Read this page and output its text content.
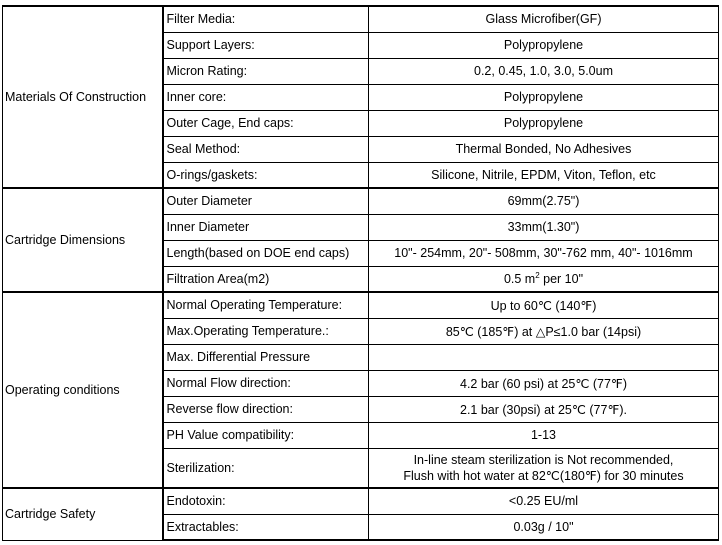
Materials Of Construction	Filter Media:	Glass Microfiber(GF)
	Support Layers:	Polypropylene
	Micron Rating:	0.2, 0.45, 1.0, 3.0, 5.0um
	Inner core:	Polypropylene
	Outer Cage, End caps:	Polypropylene
	Seal Method:	Thermal Bonded, No Adhesives
	O-rings/gaskets:	Silicone, Nitrile, EPDM, Viton, Teflon, etc
Cartridge Dimensions	Outer Diameter	69mm(2.75")
	Inner Diameter	33mm(1.30")
	Length(based on DOE end caps)	10"- 254mm, 20"- 508mm, 30"-762 mm, 40"- 1016mm
	Filtration Area(m2)	0.5 $m^2$ per 10"
Operating conditions	Normal Operating Temperature:	Up to 60℃ (140℉)
	Max.Operating Temperature.:	85℃ (185℉) at △P≤1.0 bar (14psi)
	Max. Differential Pressure	
	Normal Flow direction:	4.2 bar (60 psi) at 25℃ (77℉)
	Reverse flow direction:	2.1 bar (30psi) at 25℃ (77℉).
	PH Value compatibility:	1-13
	Sterilization:	In-line steam sterilization is Not recommended,
Flush with hot water at 82℃(180℉) for 30 minutes
Cartridge Safety	Endotoxin:	<0.25 EU/ml
	Extractables:	0.03g / 10"
